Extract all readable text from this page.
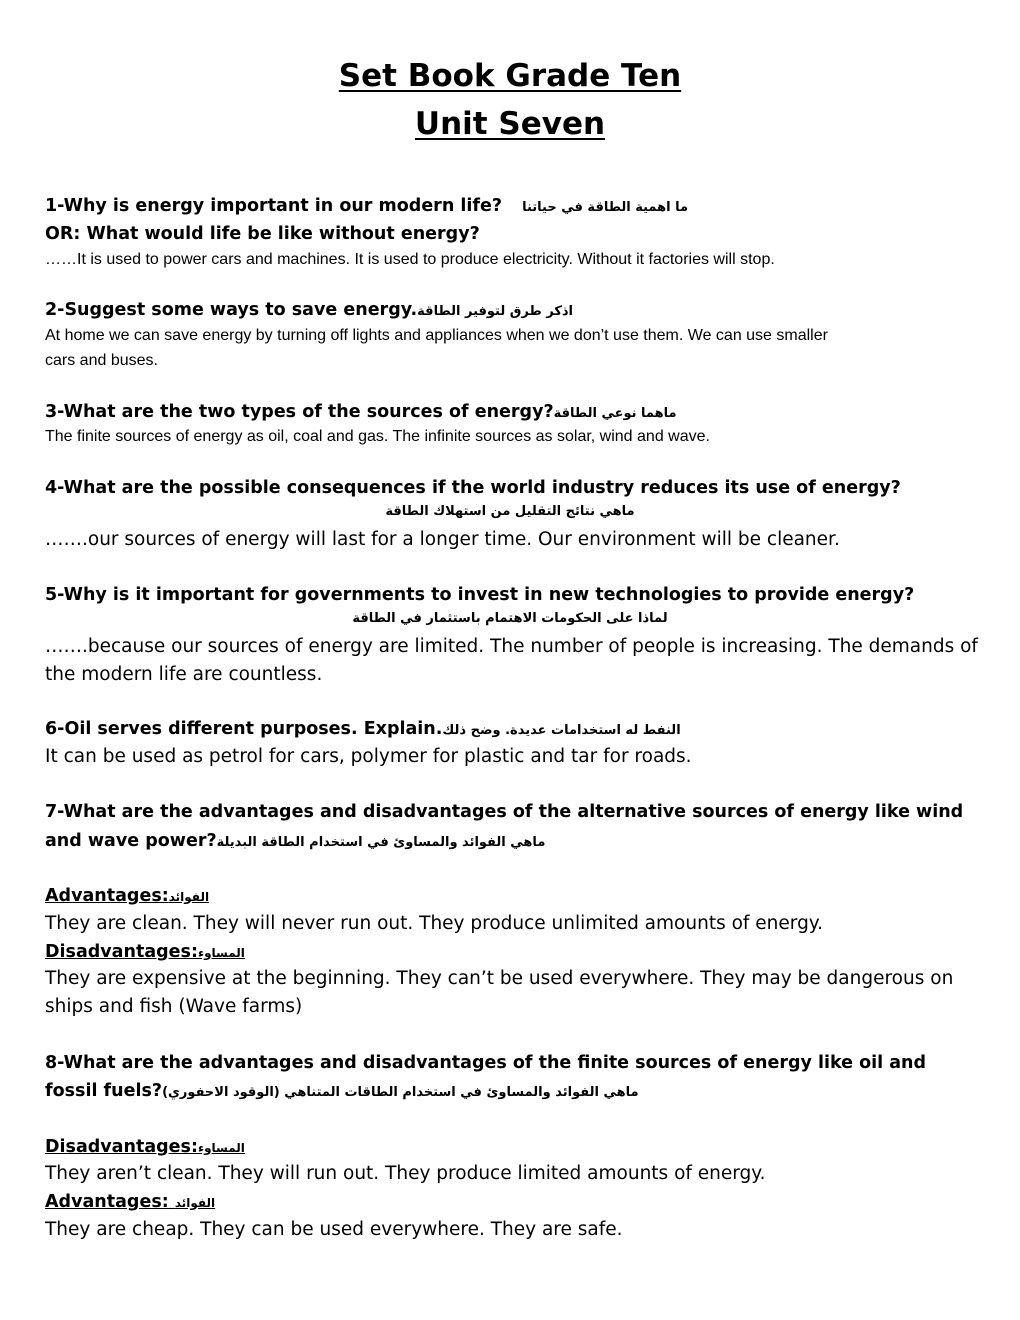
Set Book Grade Ten
Unit Seven
1-Why is energy important in our modern life? ما اهمية الطاقة في حياتنا
OR: What would life be like without energy?
……It is used to power cars and machines. It is used to produce electricity. Without it factories will stop.
2-Suggest some ways to save energy.اذكر طرق لتوفير الطاقة
At home we can save energy by turning off lights and appliances when we don’t use them. We can use smaller
cars and buses.
3-What are the two types of the sources of energy?ماهما نوعي الطاقة
The finite sources of energy as oil, coal and gas. The infinite sources as solar, wind and wave.
4-What are the possible consequences if the world industry reduces its use of energy?
ماهي نتائج التقليل من استهلاك الطاقة
…….our sources of energy will last for a longer time. Our environment will be cleaner.
5-Why is it important for governments to invest in new technologies to provide energy?
لماذا على الحكومات الاهتمام باستثمار في الطاقة
…….because our sources of energy are limited. The number of people is increasing. The demands of
the modern life are countless.
6-Oil serves different purposes. Explain.النفط له استخدامات عديدة. وضح ذلك
It can be used as petrol for cars, polymer for plastic and tar for roads.
7-What are the advantages and disadvantages of the alternative sources of energy like wind
and wave power?ماهي الفوائد والمساوئ في استخدام الطاقة البديلة
Advantages:الفوائد
They are clean. They will never run out. They produce unlimited amounts of energy.
Disadvantages:المساوء
They are expensive at the beginning. They can’t be used everywhere. They may be dangerous on
ships and fish (Wave farms)
8-What are the advantages and disadvantages of the finite sources of energy like oil and
fossil fuels?ماهي الفوائد والمساوئ في استخدام الطاقات المتناهي (الوقود الاحفوري)
Disadvantages:المساوء
They aren’t clean. They will run out. They produce limited amounts of energy.
Advantages: الفوائد
They are cheap. They can be used everywhere. They are safe.
